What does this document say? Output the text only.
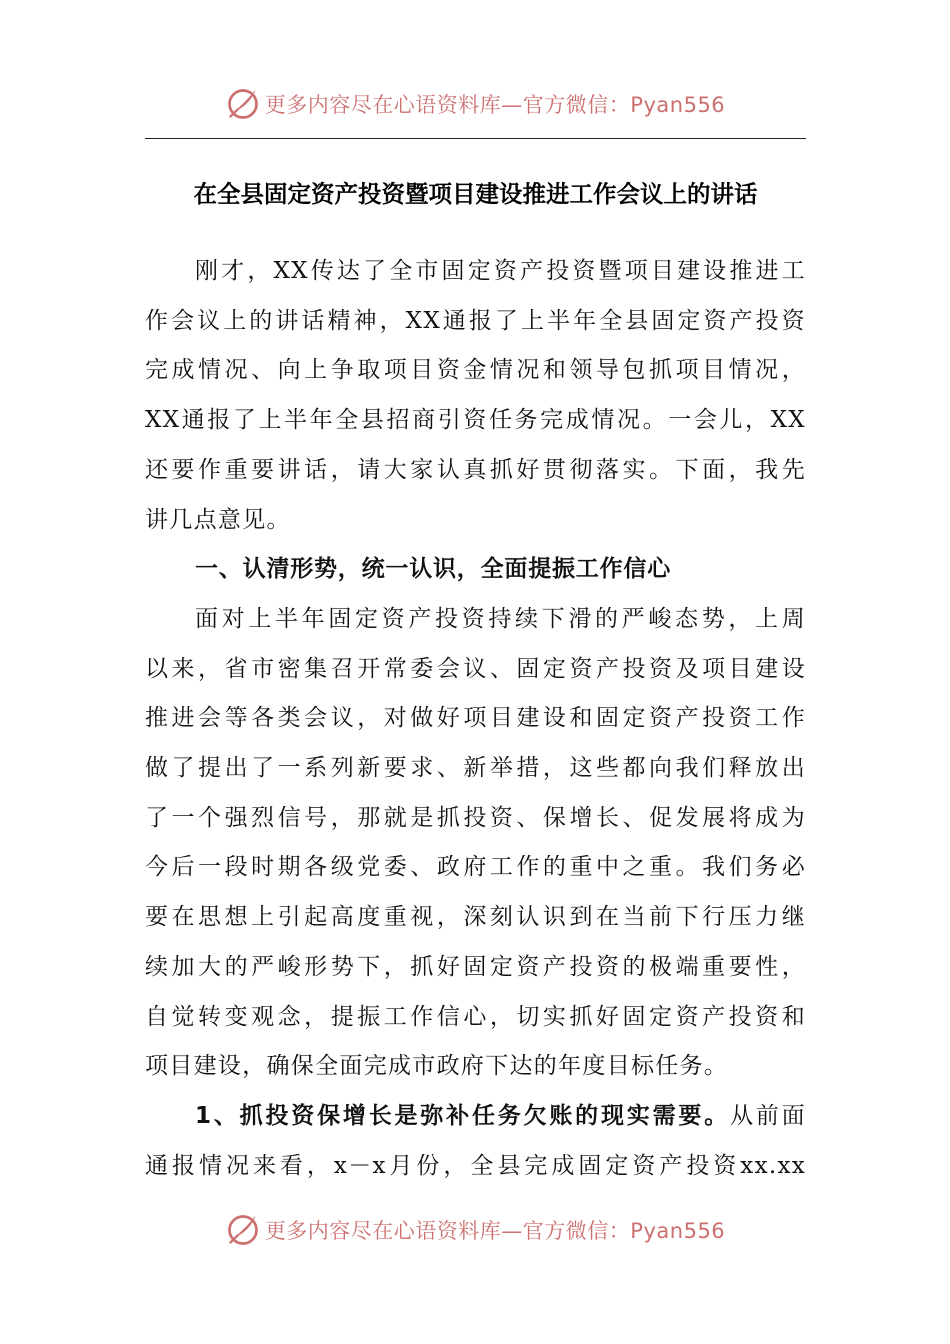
更多内容尽在心语资料库—官方微信：Pyan556
在全县固定资产投资暨项目建设推进工作会议上的讲话

刚才，XX传达了全市固定资产投资暨项目建设推进工
作会议上的讲话精神，XX通报了上半年全县固定资产投资
完成情况、向上争取项目资金情况和领导包抓项目情况，
XX通报了上半年全县招商引资任务完成情况。一会儿，XX
还要作重要讲话，请大家认真抓好贯彻落实。下面，我先
讲几点意见。

一、认清形势，统一认识，全面提振工作信心

面对上半年固定资产投资持续下滑的严峻态势，上周
以来，省市密集召开常委会议、固定资产投资及项目建设
推进会等各类会议，对做好项目建设和固定资产投资工作
做了提出了一系列新要求、新举措，这些都向我们释放出
了一个强烈信号，那就是抓投资、保增长、促发展将成为
今后一段时期各级党委、政府工作的重中之重。我们务必
要在思想上引起高度重视，深刻认识到在当前下行压力继
续加大的严峻形势下，抓好固定资产投资的极端重要性，
自觉转变观念，提振工作信心，切实抓好固定资产投资和
项目建设，确保全面完成市政府下达的年度目标任务。

1、抓投资保增长是弥补任务欠账的现实需要。从前面
通报情况来看，x－x月份，全县完成固定资产投资xx.xx

更多内容尽在心语资料库—官方微信：Pyan556
